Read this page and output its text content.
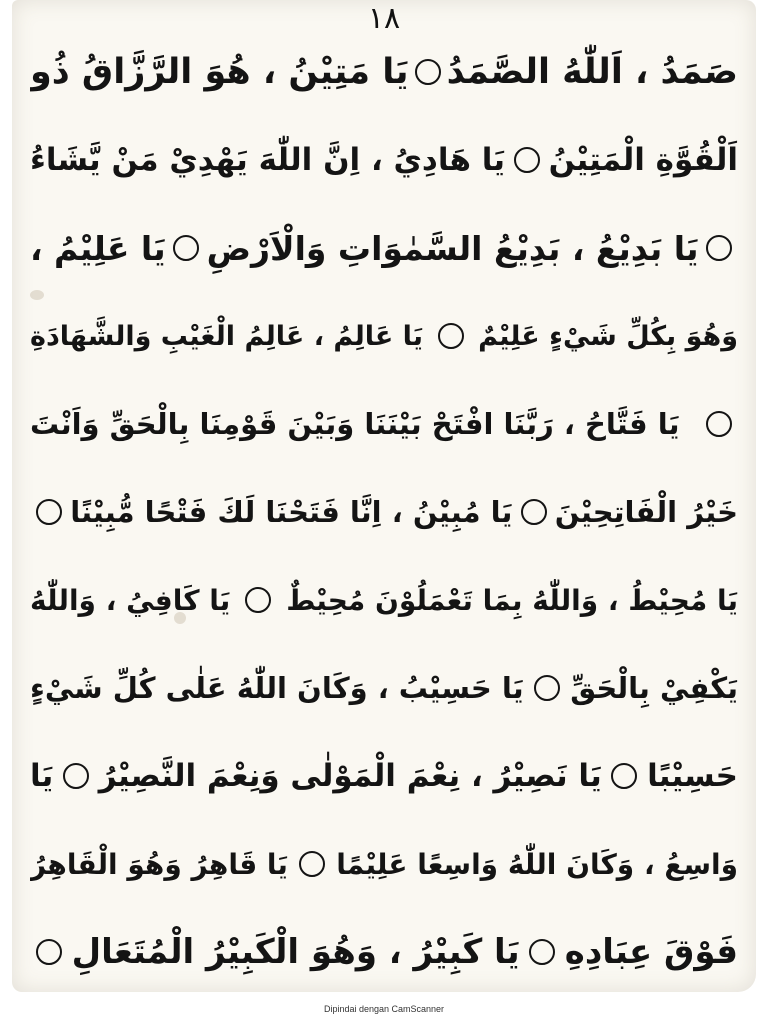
١٨
صَمَدُ ، اَللّٰهُ الصَّمَدُ
يَا مَتِيْنُ ، هُوَ الرَّزَّاقُ ذُو
اَلْقُوَّةِ الْمَتِيْنُ
يَا هَادِيُ ، اِنَّ اللّٰهَ يَهْدِيْ مَنْ يَّشَاءُ
يَا بَدِيْعُ ، بَدِيْعُ السَّمٰوَاتِ وَالْاَرْضِ
يَا عَلِيْمُ ،
وَهُوَ بِكُلِّ شَيْءٍ عَلِيْمٌ
يَا عَالِمُ ، عَالِمُ الْغَيْبِ وَالشَّهَادَةِ
يَا فَتَّاحُ ، رَبَّنَا افْتَحْ بَيْنَنَا وَبَيْنَ قَوْمِنَا بِالْحَقِّ وَاَنْتَ
خَيْرُ الْفَاتِحِيْنَ
يَا مُبِيْنُ ، اِنَّا فَتَحْنَا لَكَ فَتْحًا مُّبِيْنًا
يَا مُحِيْطُ ، وَاللّٰهُ بِمَا تَعْمَلُوْنَ مُحِيْطٌ
يَا كَافِيُ ، وَاللّٰهُ
يَكْفِيْ بِالْحَقِّ
يَا حَسِيْبُ ، وَكَانَ اللّٰهُ عَلٰى كُلِّ شَيْءٍ
حَسِيْبًا
يَا نَصِيْرُ ، نِعْمَ الْمَوْلٰى وَنِعْمَ النَّصِيْرُ
يَا
وَاسِعُ ، وَكَانَ اللّٰهُ وَاسِعًا عَلِيْمًا
يَا قَاهِرُ وَهُوَ الْقَاهِرُ
فَوْقَ عِبَادِهِ
يَا كَبِيْرُ ، وَهُوَ الْكَبِيْرُ الْمُتَعَالِ
Dipindai dengan CamScanner
